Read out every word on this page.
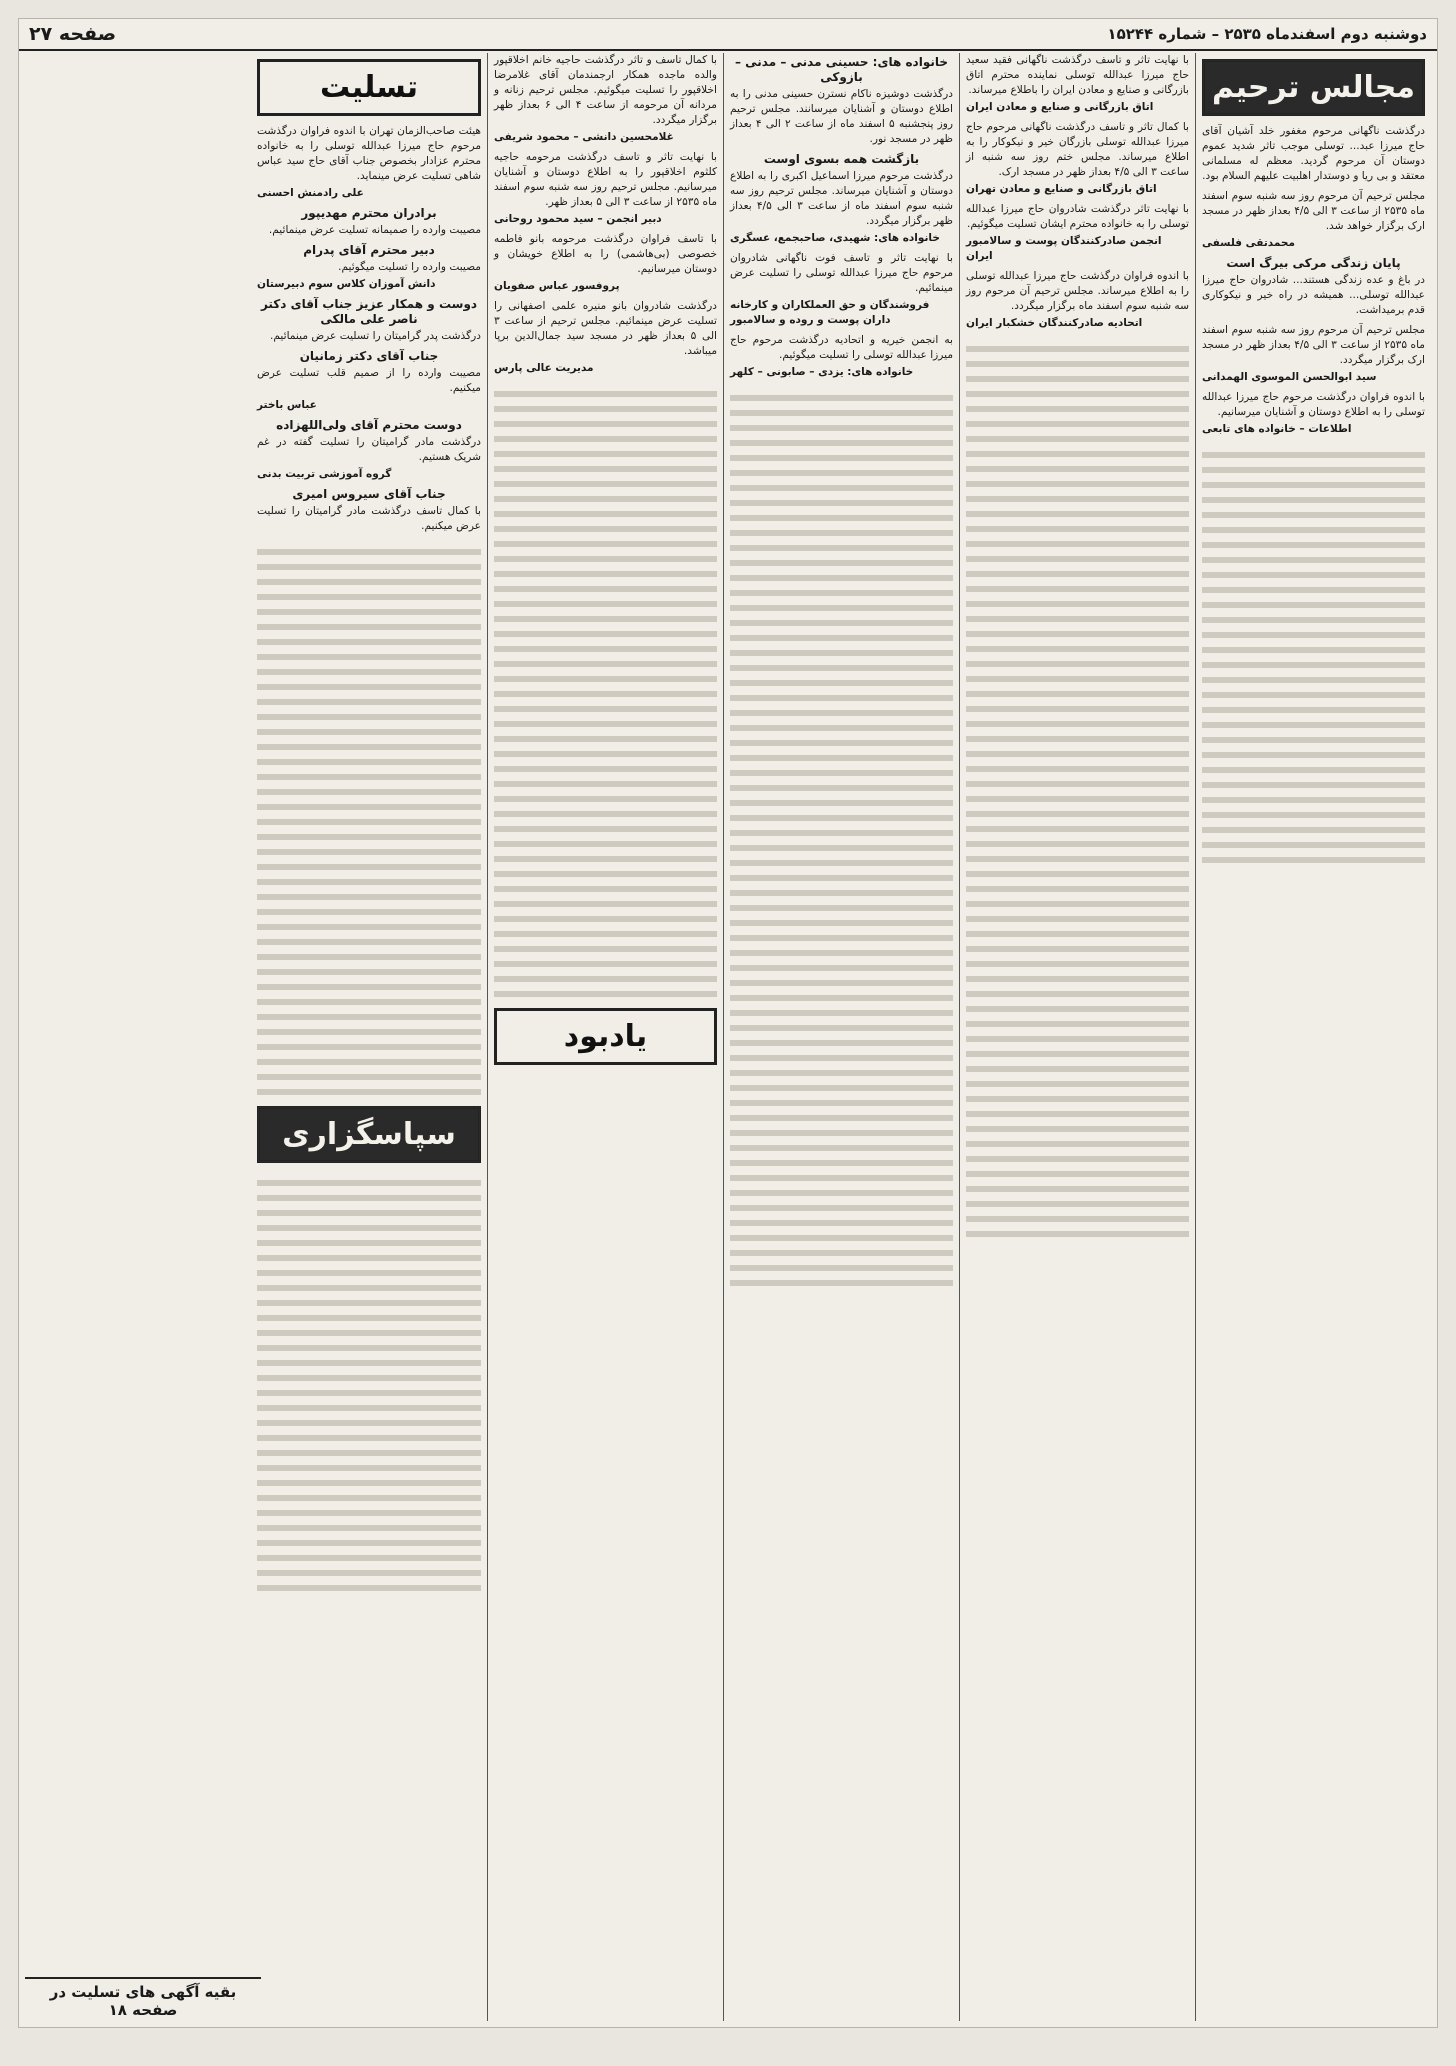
دوشنبه دوم اسفندماه ۲۵۳۵ – شماره ۱۵۲۴۴
صفحه ۲۷
مجالس ترحیم
درگذشت ناگهانی مرحوم مغفور خلد آشیان آقای حاج میرزا عبد... توسلی موجب تاثر شدید عموم دوستان آن مرحوم گردید. معظم له مسلمانی معتقد و بی ریا و دوستدار اهلبیت علیهم السلام بود.
مجلس ترحیم آن مرحوم روز سه شنبه سوم اسفند ماه ۲۵۳۵ از ساعت ۳ الی ۴/۵ بعداز ظهر در مسجد ارک برگزار خواهد شد.
محمدتقی فلسفی
پایان زندگی مرکی بیرگ است
در باغ و عده زندگی هستند... شادروان حاج میرزا عبدالله توسلی... همیشه در راه خیر و نیکوکاری قدم برمیداشت.
مجلس ترحیم آن مرحوم روز سه شنبه سوم اسفند ماه ۲۵۳۵ از ساعت ۳ الی ۴/۵ بعداز ظهر در مسجد ارک برگزار میگردد.
سید ابوالحسن الموسوی الهمدانی
با اندوه فراوان درگذشت مرحوم حاج میرزا عبدالله توسلی را به اطلاع دوستان و آشنایان میرسانیم.
اطلاعات – خانواده های تابعی
با نهایت تاثر و تاسف درگذشت ناگهانی فقید سعید حاج میرزا عبدالله توسلی نماینده محترم اتاق بازرگانی و صنایع و معادن ایران را باطلاع میرساند.
اتاق بازرگانی و صنایع و معادن ایران
با کمال تاثر و تاسف درگذشت ناگهانی مرحوم حاج میرزا عبدالله توسلی بازرگان خیر و نیکوکار را به اطلاع میرساند. مجلس ختم روز سه شنبه از ساعت ۳ الی ۴/۵ بعداز ظهر در مسجد ارک.
اتاق بازرگانی و صنایع و معادن تهران
با نهایت تاثر درگذشت شادروان حاج میرزا عبدالله توسلی را به خانواده محترم ایشان تسلیت میگوئیم.
انجمن صادرکنندگان پوست و سالامبور ایران
با اندوه فراوان درگذشت حاج میرزا عبدالله توسلی را به اطلاع میرساند. مجلس ترحیم آن مرحوم روز سه شنبه سوم اسفند ماه برگزار میگردد.
اتحادیه صادرکنندگان خشکبار ایران
خانواده های: حسینی مدنی – مدنی – بازوکی
درگذشت دوشیزه ناکام نسترن حسینی مدنی را به اطلاع دوستان و آشنایان میرسانند. مجلس ترحیم روز پنجشنبه ۵ اسفند ماه از ساعت ۲ الی ۴ بعداز ظهر در مسجد نور.
بازگشت همه بسوی اوست
درگذشت مرحوم میرزا اسماعیل اکبری را به اطلاع دوستان و آشنایان میرساند. مجلس ترحیم روز سه شنبه سوم اسفند ماه از ساعت ۳ الی ۴/۵ بعداز ظهر برگزار میگردد.
خانواده های: شهیدی، صاحبجمع، عسگری
با نهایت تاثر و تاسف فوت ناگهانی شادروان مرحوم حاج میرزا عبدالله توسلی را تسلیت عرض مینمائیم.
فروشندگان و حق العملکاران و کارخانه داران پوست و روده و سالامبور
به انجمن خیریه و اتحادیه درگذشت مرحوم حاج میرزا عبدالله توسلی را تسلیت میگوئیم.
خانواده های: یزدی – صابونی – کلهر
با کمال تاسف و تاثر درگذشت حاجیه خانم اخلاقپور والده ماجده همکار ارجمندمان آقای غلامرضا اخلاقپور را تسلیت میگوئیم. مجلس ترحیم زنانه و مردانه آن مرحومه از ساعت ۴ الی ۶ بعداز ظهر برگزار میگردد.
غلامحسین دانشی – محمود شریفی
با نهایت تاثر و تاسف درگذشت مرحومه حاجیه کلثوم اخلاقپور را به اطلاع دوستان و آشنایان میرسانیم. مجلس ترحیم روز سه شنبه سوم اسفند ماه ۲۵۳۵ از ساعت ۳ الی ۵ بعداز ظهر.
دبیر انجمن – سید محمود روحانی
با تاسف فراوان درگذشت مرحومه بانو فاطمه خصوصی (بی‌هاشمی) را به اطلاع خویشان و دوستان میرسانیم.
پروفسور عباس صفویان
درگذشت شادروان بانو منیره علمی اصفهانی را تسلیت عرض مینمائیم. مجلس ترحیم از ساعت ۳ الی ۵ بعداز ظهر در مسجد سید جمال‌الدین برپا میباشد.
مدیریت عالی پارس
یادبود
تسلیت
هیئت صاحب‌الزمان تهران با اندوه فراوان درگذشت مرحوم حاج میرزا عبدالله توسلی را به خانواده محترم عزادار بخصوص جناب آقای حاج سید عباس شاهی تسلیت عرض مینماید.
علی رادمنش احسنی
برادران محترم مهدیپور
مصیبت وارده را صمیمانه تسلیت عرض مینمائیم.
دبیر محترم آقای پدرام
مصیبت وارده را تسلیت میگوئیم.
دانش آموزان کلاس سوم دبیرستان
دوست و همکار عزیز جناب آقای دکتر ناصر علی مالکی
درگذشت پدر گرامیتان را تسلیت عرض مینمائیم.
جناب آقای دکتر زمانیان
مصیبت وارده را از صمیم قلب تسلیت عرض میکنیم.
عباس باختر
دوست محترم آقای ولی‌اللهزاده
درگذشت مادر گرامیتان را تسلیت گفته در غم شریک هستیم.
گروه آموزشی تربیت بدنی
جناب آقای سیروس امیری
با کمال تاسف درگذشت مادر گرامیتان را تسلیت عرض میکنیم.
سپاسگزاری
بقیه آگهی های تسلیت در صفحه ۱۸
